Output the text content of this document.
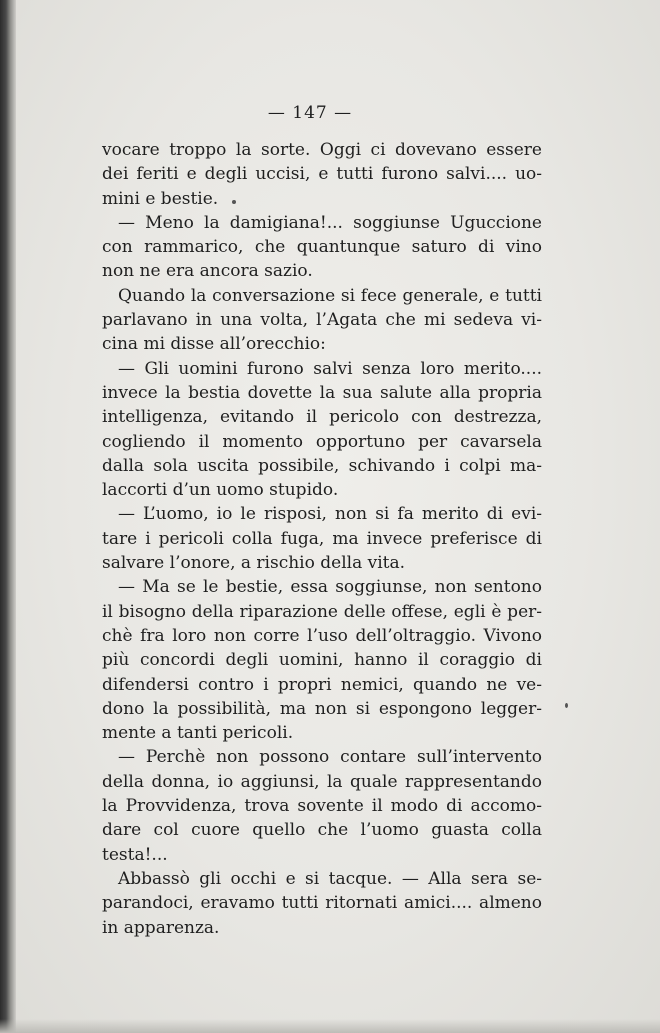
— 147 —
vocare troppo la sorte. Oggi ci dovevano essere
dei feriti e degli uccisi, e tutti furono salvi.... uo-
mini e bestie.
— Meno la damigiana!... soggiunse Uguccione
con rammarico, che quantunque saturo di vino
non ne era ancora sazio.
Quando la conversazione si fece generale, e tutti
parlavano in una volta, l’Agata che mi sedeva vi-
cina mi disse all’orecchio:
— Gli uomini furono salvi senza loro merito....
invece la bestia dovette la sua salute alla propria
intelligenza, evitando il pericolo con destrezza,
cogliendo il momento opportuno per cavarsela
dalla sola uscita possibile, schivando i colpi ma-
laccorti d’un uomo stupido.
— L’uomo, io le risposi, non si fa merito di evi-
tare i pericoli colla fuga, ma invece preferisce di
salvare l’onore, a rischio della vita.
— Ma se le bestie, essa soggiunse, non sentono
il bisogno della riparazione delle offese, egli è per-
chè fra loro non corre l’uso dell’oltraggio. Vivono
più concordi degli uomini, hanno il coraggio di
difendersi contro i propri nemici, quando ne ve-
dono la possibilità, ma non si espongono legger-
mente a tanti pericoli.
— Perchè non possono contare sull’intervento
della donna, io aggiunsi, la quale rappresentando
la Provvidenza, trova sovente il modo di accomo-
dare col cuore quello che l’uomo guasta colla
testa!...
Abbassò gli occhi e si tacque. — Alla sera se-
parandoci, eravamo tutti ritornati amici.... almeno
in apparenza.
